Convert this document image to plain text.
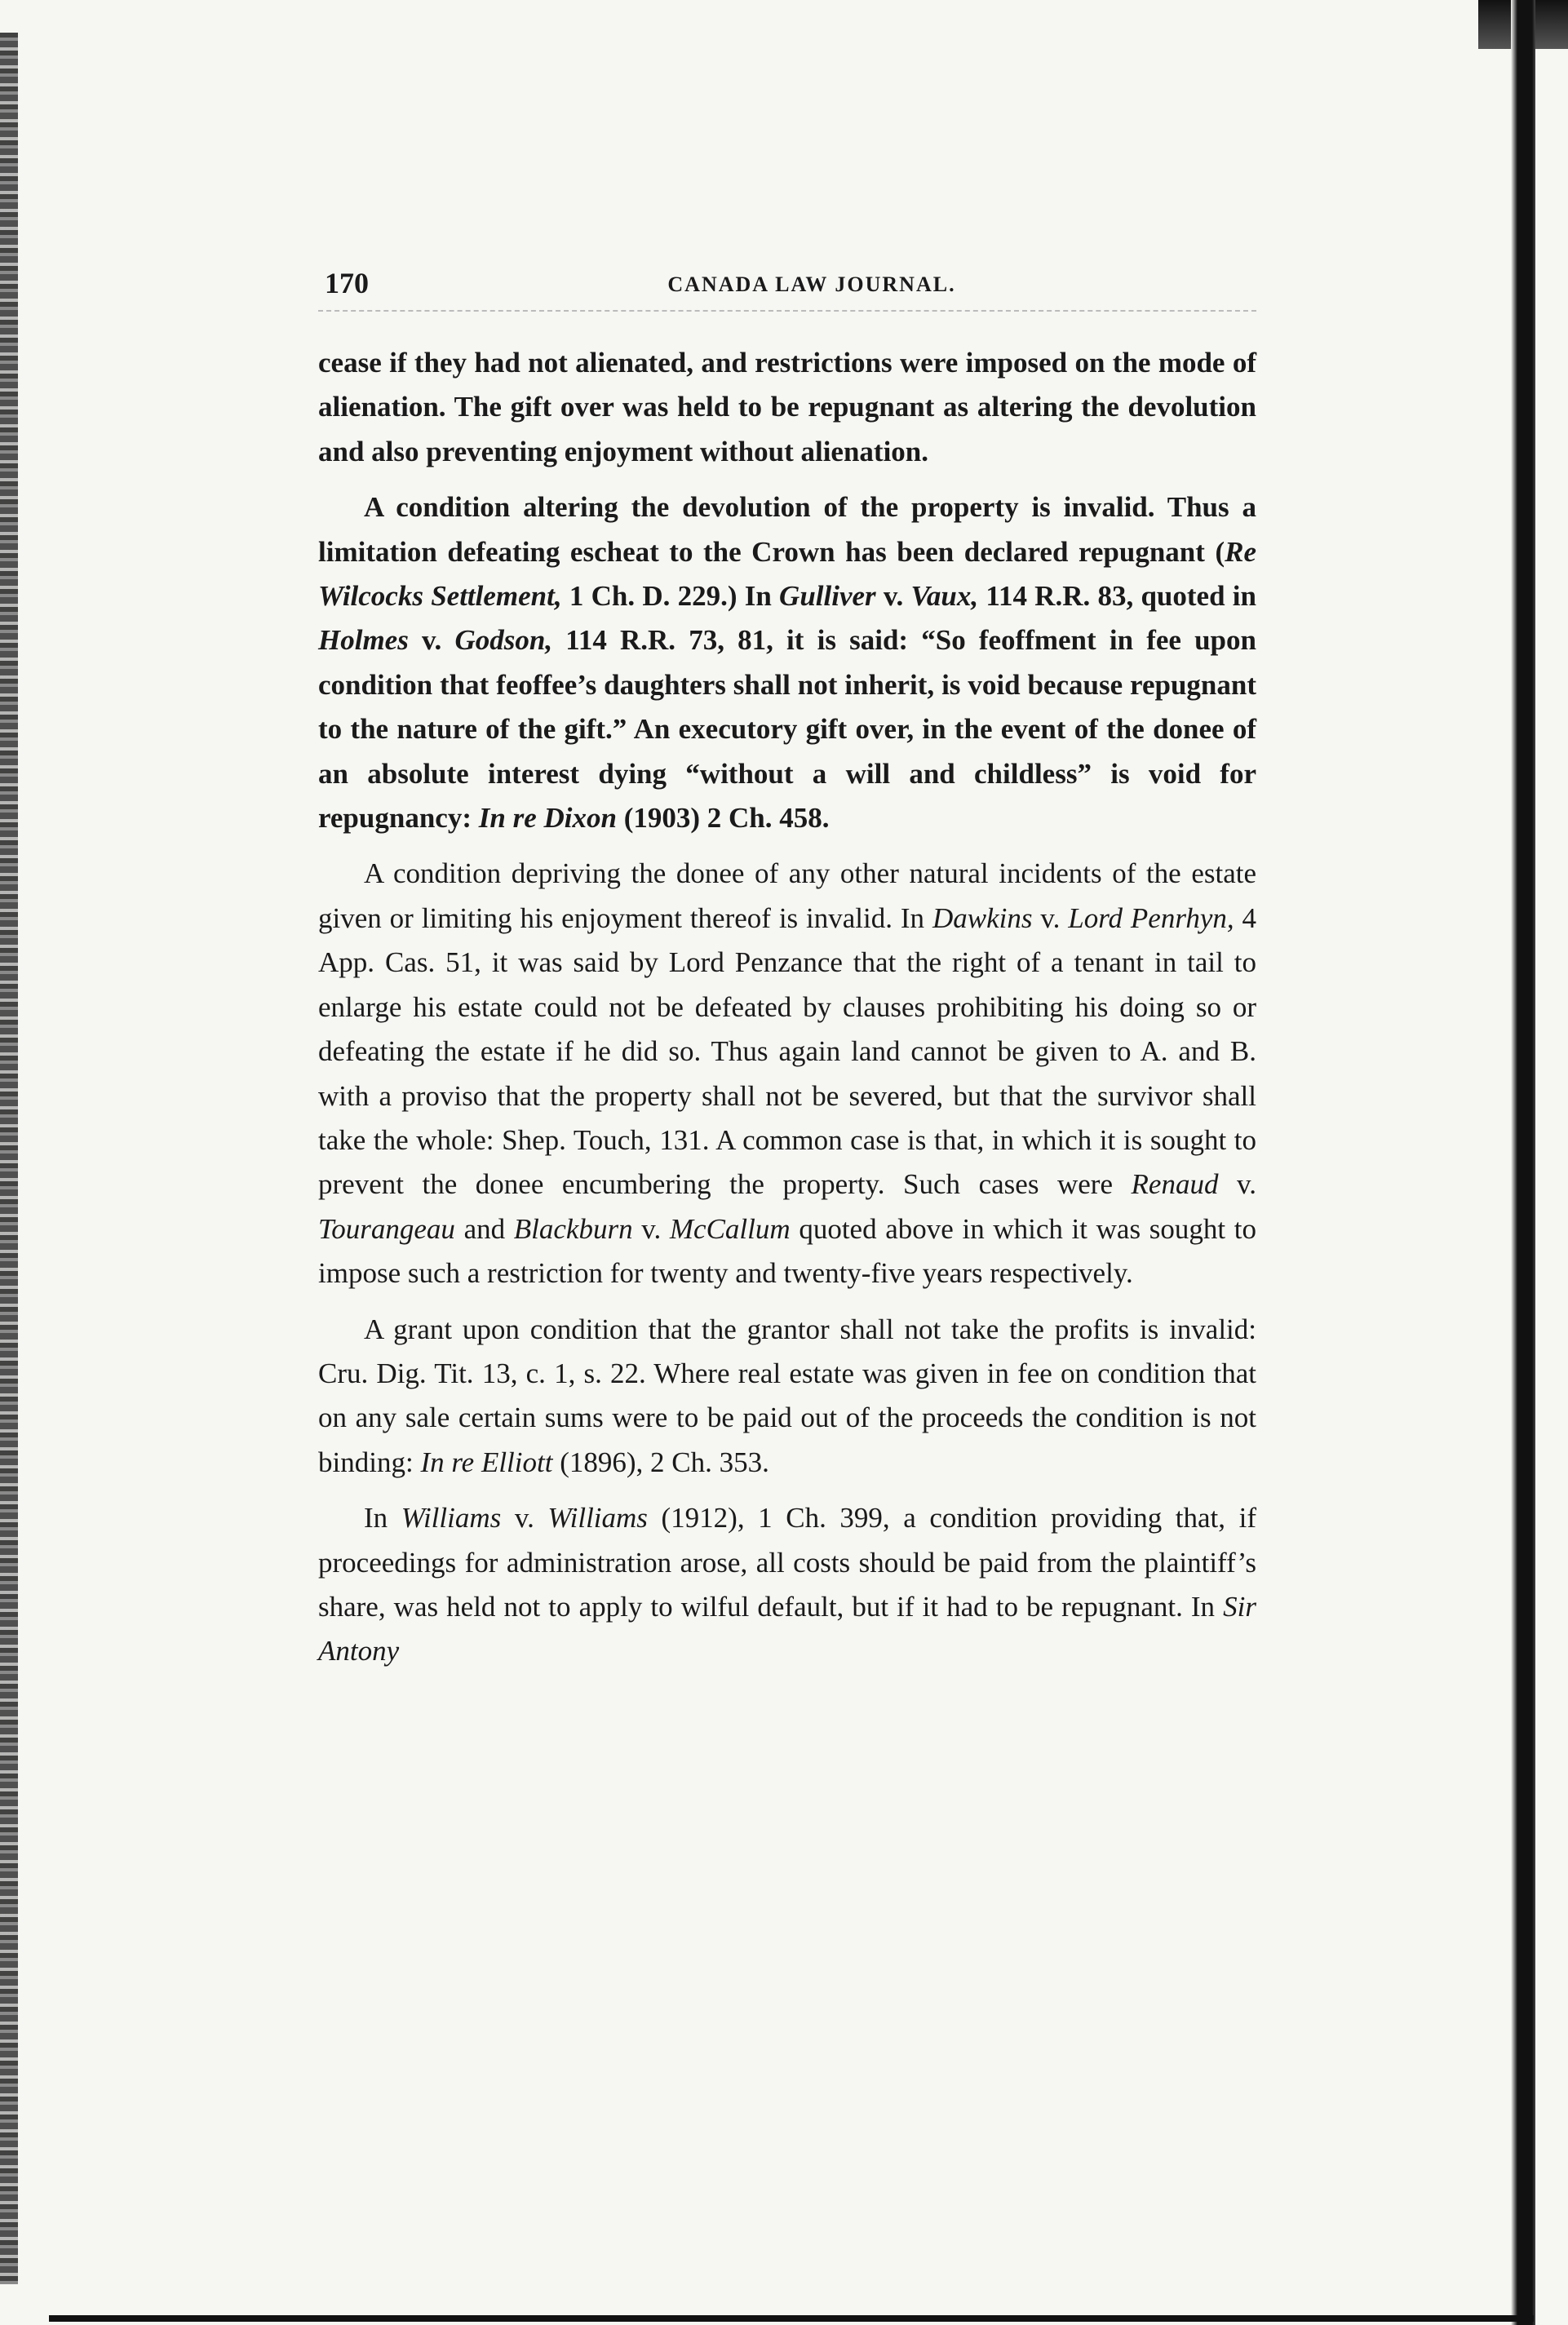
170	CANADA LAW JOURNAL.

cease if they had not alienated, and restrictions were imposed on the mode of alienation. The gift over was held to be repugnant as altering the devolution and also preventing enjoyment without alienation.

A condition altering the devolution of the property is invalid. Thus a limitation defeating escheat to the Crown has been declared repugnant (Re Wilcocks Settlement, 1 Ch. D. 229.) In Gulliver v. Vaux, 114 R.R. 83, quoted in Holmes v. Godson, 114 R.R. 73, 81, it is said: “So feoffment in fee upon condition that feoffee’s daughters shall not inherit, is void because repugnant to the nature of the gift.” An executory gift over, in the event of the donee of an absolute interest dying “without a will and childless” is void for repugnancy: In re Dixon (1903) 2 Ch. 458.

A condition depriving the donee of any other natural incidents of the estate given or limiting his enjoyment thereof is invalid. In Dawkins v. Lord Penrhyn, 4 App. Cas. 51, it was said by Lord Penzance that the right of a tenant in tail to enlarge his estate could not be defeated by clauses prohibiting his doing so or defeating the estate if he did so. Thus again land cannot be given to A. and B. with a proviso that the property shall not be severed, but that the survivor shall take the whole: Shep. Touch, 131. A common case is that, in which it is sought to prevent the donee encumbering the property. Such cases were Renaud v. Tourangeau and Blackburn v. McCallum quoted above in which it was sought to impose such a restriction for twenty and twenty-five years respectively.

A grant upon condition that the grantor shall not take the profits is invalid: Cru. Dig. Tit. 13, c. 1, s. 22. Where real estate was given in fee on condition that on any sale certain sums were to be paid out of the proceeds the condition is not binding: In re Elliott (1896), 2 Ch. 353.

In Williams v. Williams (1912), 1 Ch. 399, a condition providing that, if proceedings for administration arose, all costs should be paid from the plaintiff’s share, was held not to apply to wilful default, but if it had to be repugnant. In Sir Antony
